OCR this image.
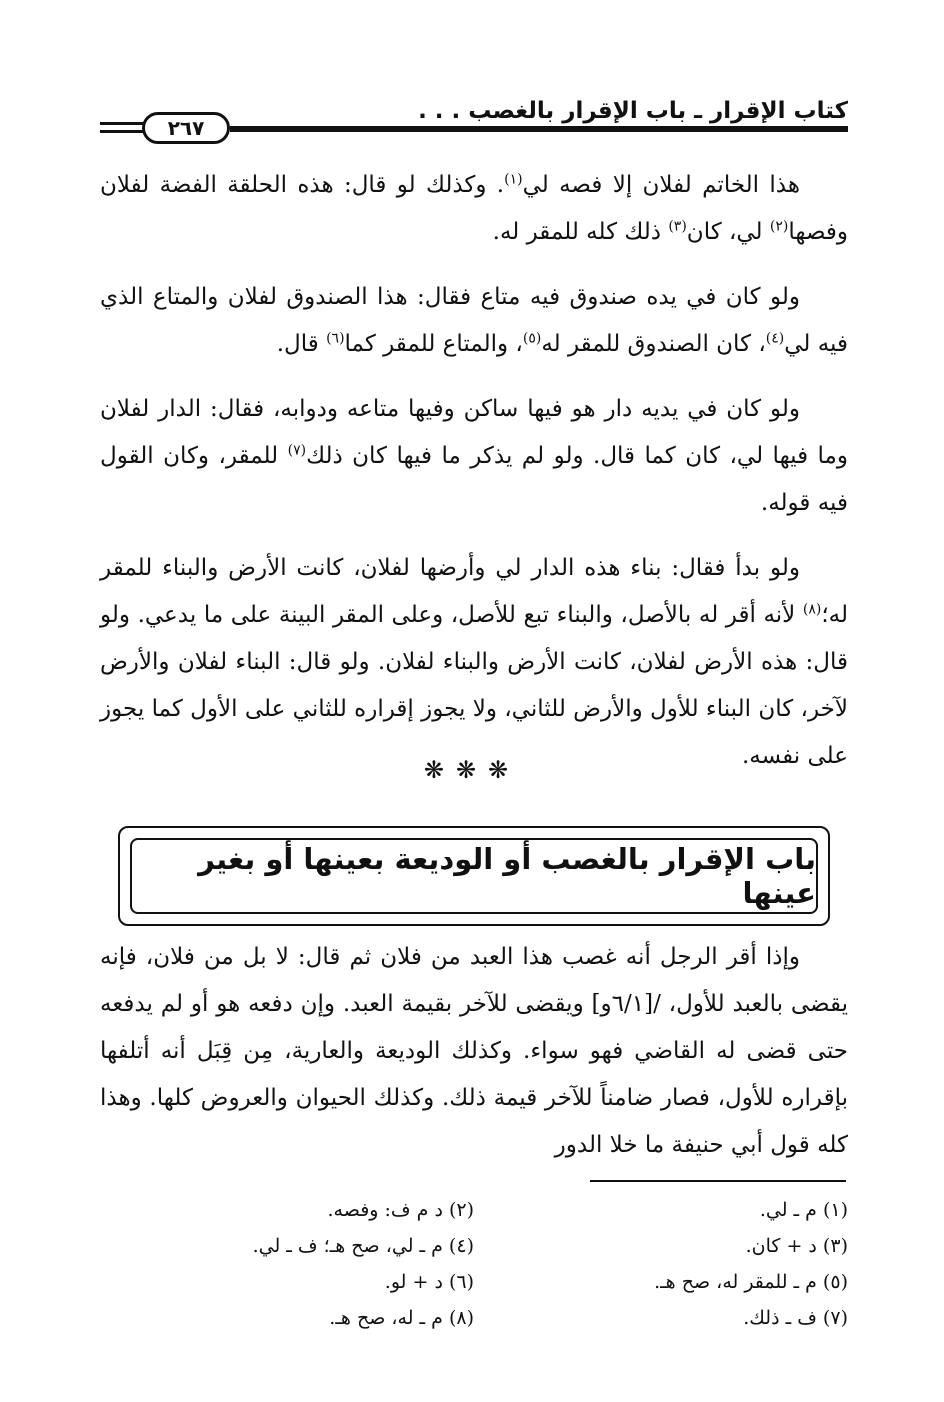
كتاب الإقرار ـ باب الإقرار بالغصب . . .
٢٦٧

هذا الخاتم لفلان إلا فصه لي$^{(١)}$. وكذلك لو قال: هذه الحلقة الفضة لفلان وفصها$^{(٢)}$ لي، كان$^{(٣)}$ ذلك كله للمقر له.

ولو كان في يده صندوق فيه متاع فقال: هذا الصندوق لفلان والمتاع الذي فيه لي$^{(٤)}$، كان الصندوق للمقر له$^{(٥)}$، والمتاع للمقر كما$^{(٦)}$ قال.

ولو كان في يديه دار هو فيها ساكن وفيها متاعه ودوابه، فقال: الدار لفلان وما فيها لي، كان كما قال. ولو لم يذكر ما فيها كان ذلك$^{(٧)}$ للمقر، وكان القول فيه قوله.

ولو بدأ فقال: بناء هذه الدار لي وأرضها لفلان، كانت الأرض والبناء للمقر له؛$^{(٨)}$ لأنه أقر له بالأصل، والبناء تبع للأصل، وعلى المقر البينة على ما يدعي. ولو قال: هذه الأرض لفلان، كانت الأرض والبناء لفلان. ولو قال: البناء لفلان والأرض لآخر، كان البناء للأول والأرض للثاني، ولا يجوز إقراره للثاني على الأول كما يجوز على نفسه.

❋❋❋
باب الإقرار بالغصب أو الوديعة بعينها أو بغير عينها

وإذا أقر الرجل أنه غصب هذا العبد من فلان ثم قال: لا بل من فلان، فإنه يقضى بالعبد للأول، /[٦/١و] ويقضى للآخر بقيمة العبد. وإن دفعه هو أو لم يدفعه حتى قضى له القاضي فهو سواء. وكذلك الوديعة والعارية، مِن قِبَل أنه أتلفها بإقراره للأول، فصار ضامناً للآخر قيمة ذلك. وكذلك الحيوان والعروض كلها. وهذا كله قول أبي حنيفة ما خلا الدور

(١) م ـ لي.
(٢) د م ف: وفصه.
(٣) د + كان.
(٤) م ـ لي، صح هـ؛ ف ـ لي.
(٥) م ـ للمقر له، صح هـ.
(٦) د + لو.
(٧) ف ـ ذلك.
(٨) م ـ له، صح هـ.
